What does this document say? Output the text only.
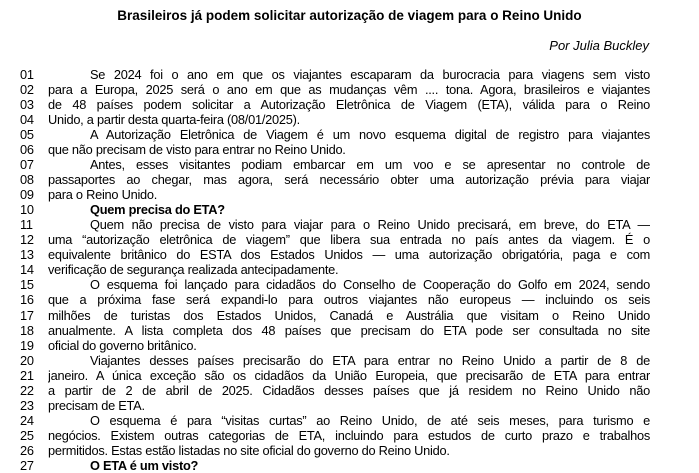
Brasileiros já podem solicitar autorização de viagem para o Reino Unido
Por Julia Buckley
01	Se 2024 foi o ano em que os viajantes escaparam da burocracia para viagens sem visto
02 para a Europa, 2025 será o ano em que as mudanças vêm .... tona. Agora, brasileiros e viajantes
03 de 48 países podem solicitar a Autorização Eletrônica de Viagem (ETA), válida para o Reino
04 Unido, a partir desta quarta-feira (08/01/2025).
05	A Autorização Eletrônica de Viagem é um novo esquema digital de registro para viajantes
06 que não precisam de visto para entrar no Reino Unido.
07	Antes, esses visitantes podiam embarcar em um voo e se apresentar no controle de
08 passaportes ao chegar, mas agora, será necessário obter uma autorização prévia para viajar
09 para o Reino Unido.
10	Quem precisa do ETA?
11	Quem não precisa de visto para viajar para o Reino Unido precisará, em breve, do ETA —
12 uma “autorização eletrônica de viagem” que libera sua entrada no país antes da viagem. É o
13 equivalente britânico do ESTA dos Estados Unidos — uma autorização obrigatória, paga e com
14 verificação de segurança realizada antecipadamente.
15	O esquema foi lançado para cidadãos do Conselho de Cooperação do Golfo em 2024, sendo
16 que a próxima fase será expandi-lo para outros viajantes não europeus — incluindo os seis
17 milhões de turistas dos Estados Unidos, Canadá e Austrália que visitam o Reino Unido
18 anualmente. A lista completa dos 48 países que precisam do ETA pode ser consultada no site
19 oficial do governo britânico.
20	Viajantes desses países precisarão do ETA para entrar no Reino Unido a partir de 8 de
21 janeiro. A única exceção são os cidadãos da União Europeia, que precisarão de ETA para entrar
22 a partir de 2 de abril de 2025. Cidadãos desses países que já residem no Reino Unido não
23 precisam de ETA.
24	O esquema é para “visitas curtas” ao Reino Unido, de até seis meses, para turismo e
25 negócios. Existem outras categorias de ETA, incluindo para estudos de curto prazo e trabalhos
26 permitidos. Estas estão listadas no site oficial do governo do Reino Unido.
27	O ETA é um visto?
